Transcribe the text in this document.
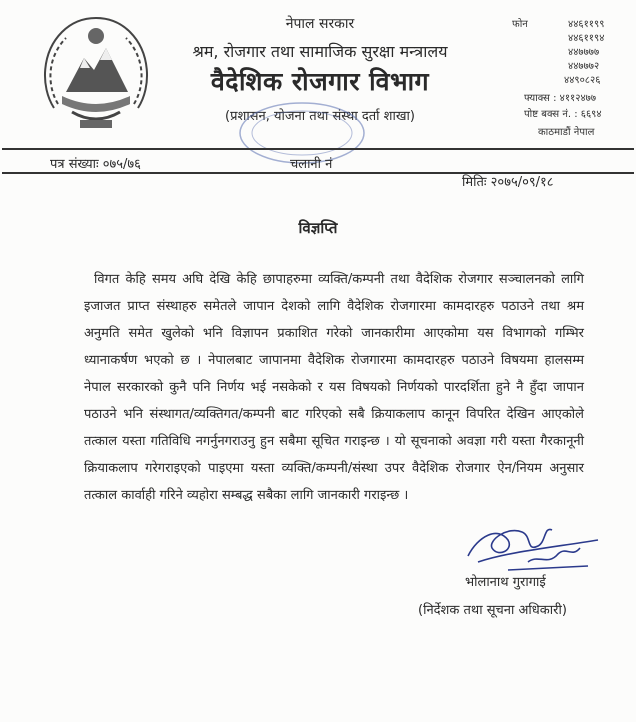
नेपाल सरकार
श्रम, रोजगार तथा सामाजिक सुरक्षा मन्त्रालय
वैदेशिक रोजगार विभाग
(प्रशासन, योजना तथा संस्था दर्ता शाखा)
फोन	४४६११९९
४४६११९४
४४७७७७
४४७७७२
४४९०८२६
फ्याक्स : ४११२४७७
पोष्ट बक्स नं. : ६६९४
काठमाडौं नेपाल
पत्र संख्याः ०७५/७६	चलानी नं
मितिः २०७५/०९/१८
विज्ञप्ति

विगत केहि समय अघि देखि केहि छापाहरुमा व्यक्ति/कम्पनी तथा वैदेशिक रोजगार सञ्चालनको लागि इजाजत प्राप्त संस्थाहरु समेतले जापान देशको लागि वैदेशिक रोजगारमा कामदारहरु पठाउने तथा श्रम अनुमति समेत खुलेको भनि विज्ञापन प्रकाशित गरेको जानकारीमा आएकोमा यस विभागको गम्भिर ध्यानाकर्षण भएको छ । नेपालबाट जापानमा वैदेशिक रोजगारमा कामदारहरु पठाउने विषयमा हालसम्म नेपाल सरकारको कुनै पनि निर्णय भई नसकेको र यस विषयको निर्णयको पारदर्शिता हुने नै हुँदा जापान पठाउने भनि संस्थागत/व्यक्तिगत/कम्पनी बाट गरिएको सबै क्रियाकलाप कानून विपरित देखिन आएकोले तत्काल यस्ता गतिविधि नगर्नुनगराउनु हुन सबैमा सूचित गराइन्छ । यो सूचनाको अवज्ञा गरी यस्ता गैरकानूनी क्रियाकलाप गरेगराइएको पाइएमा यस्ता व्यक्ति/कम्पनी/संस्था उपर वैदेशिक रोजगार ऐन/नियम अनुसार तत्काल कार्वाही गरिने व्यहोरा सम्बद्ध सबैका लागि जानकारी गराइन्छ ।

भोलानाथ गुरागाई
(निर्देशक तथा सूचना अधिकारी)
